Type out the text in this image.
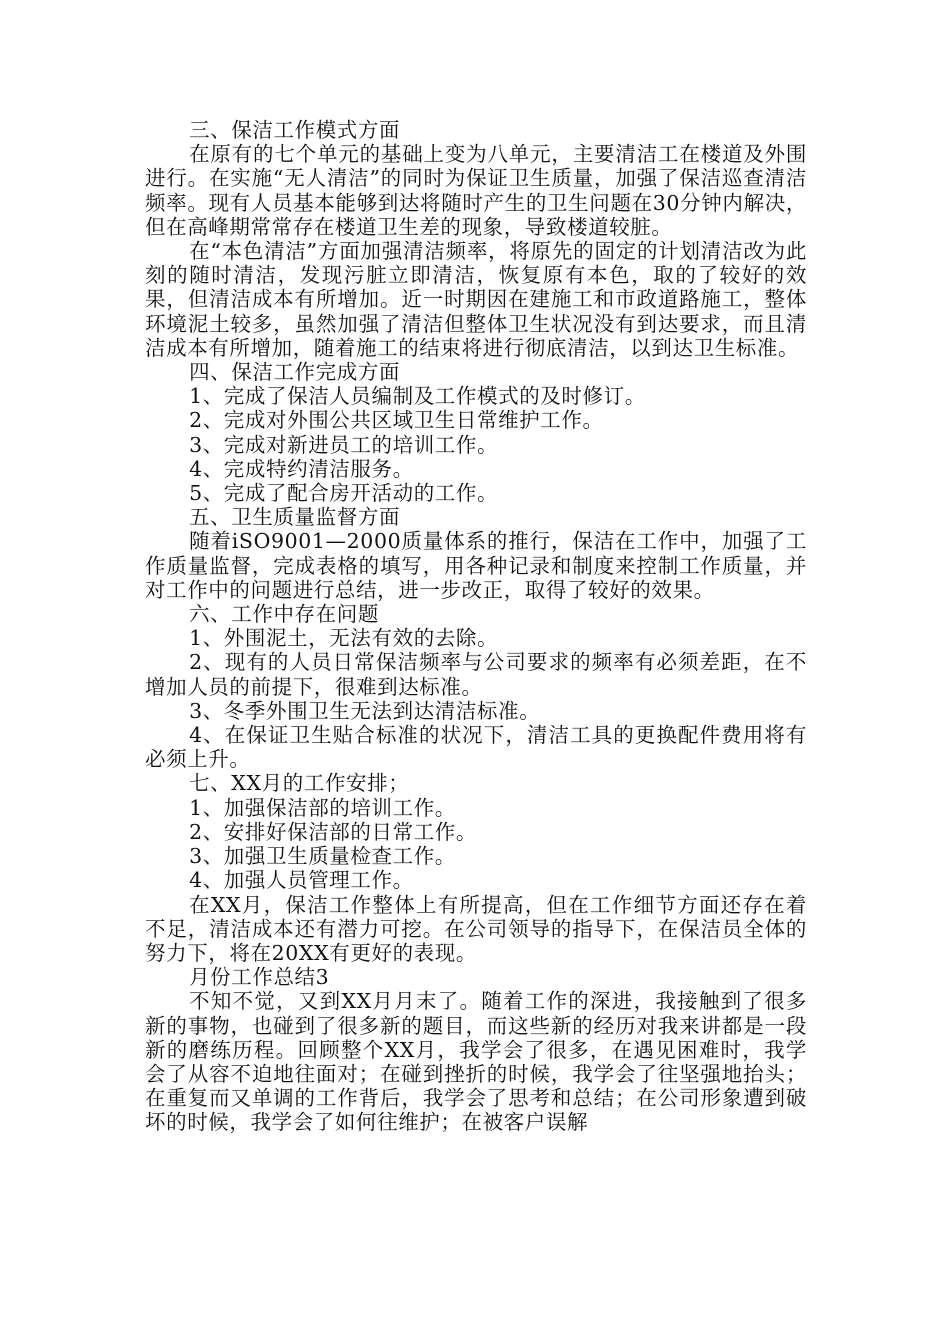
三、保洁工作模式方面

在原有的七个单元的基础上变为八单元，主要清洁工在楼道及外围进行。在实施“无人清洁”的同时为保证卫生质量，加强了保洁巡查清洁频率。现有人员基本能够到达将随时产生的卫生问题在30分钟内解决，但在高峰期常常存在楼道卫生差的现象，导致楼道较脏。

在“本色清洁”方面加强清洁频率，将原先的固定的计划清洁改为此刻的随时清洁，发现污脏立即清洁，恢复原有本色，取的了较好的效果，但清洁成本有所增加。近一时期因在建施工和市政道路施工，整体环境泥土较多，虽然加强了清洁但整体卫生状况没有到达要求，而且清洁成本有所增加，随着施工的结束将进行彻底清洁，以到达卫生标准。

四、保洁工作完成方面

1、完成了保洁人员编制及工作模式的及时修订。

2、完成对外围公共区域卫生日常维护工作。

3、完成对新进员工的培训工作。

4、完成特约清洁服务。

5、完成了配合房开活动的工作。

五、卫生质量监督方面

随着iSO9001—2000质量体系的推行，保洁在工作中，加强了工作质量监督，完成表格的填写，用各种记录和制度来控制工作质量，并对工作中的问题进行总结，进一步改正，取得了较好的效果。

六、工作中存在问题

1、外围泥土，无法有效的去除。

2、现有的人员日常保洁频率与公司要求的频率有必须差距，在不增加人员的前提下，很难到达标准。

3、冬季外围卫生无法到达清洁标准。

4、在保证卫生贴合标准的状况下，清洁工具的更换配件费用将有必须上升。

七、XX月的工作安排；

1、加强保洁部的培训工作。

2、安排好保洁部的日常工作。

3、加强卫生质量检查工作。

4、加强人员管理工作。

在XX月，保洁工作整体上有所提高，但在工作细节方面还存在着不足，清洁成本还有潜力可挖。在公司领导的指导下，在保洁员全体的努力下，将在20XX有更好的表现。

月份工作总结3

不知不觉，又到XX月月末了。随着工作的深进，我接触到了很多新的事物，也碰到了很多新的题目，而这些新的经历对我来讲都是一段新的磨练历程。回顾整个XX月，我学会了很多，在遇见困难时，我学会了从容不迫地往面对；在碰到挫折的时候，我学会了往坚强地抬头；在重复而又单调的工作背后，我学会了思考和总结；在公司形象遭到破坏的时候，我学会了如何往维护；在被客户误解
